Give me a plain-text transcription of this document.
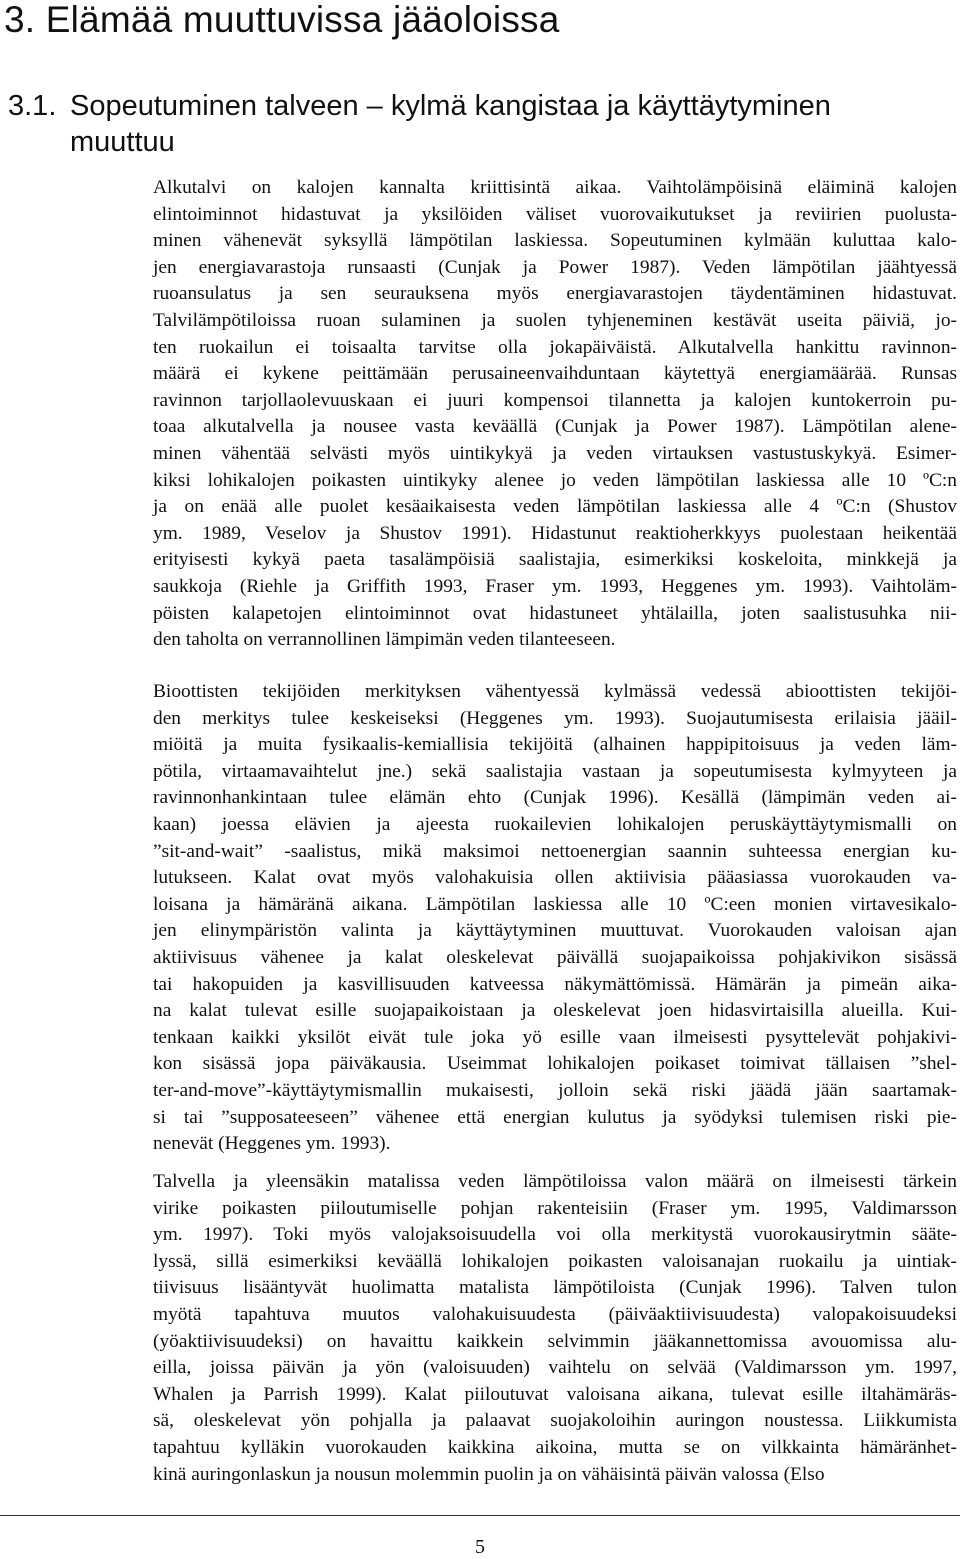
3. Elämää muuttuvissa jääoloissa
3.1. Sopeutuminen talveen – kylmä kangistaa ja käyttäytyminen
muuttuu
Alkutalvi on kalojen kannalta kriittisintä aikaa. Vaihtolämpöisinä eläiminä kalojen
elintoiminnot hidastuvat ja yksilöiden väliset vuorovaikutukset ja reviirien puolusta-
minen vähenevät syksyllä lämpötilan laskiessa. Sopeutuminen kylmään kuluttaa kalo-
jen energiavarastoja runsaasti (Cunjak ja Power 1987). Veden lämpötilan jäähtyessä
ruoansulatus ja sen seurauksena myös energiavarastojen täydentäminen hidastuvat.
Talvilämpötiloissa ruoan sulaminen ja suolen tyhjeneminen kestävät useita päiviä, jo-
ten ruokailun ei toisaalta tarvitse olla jokapäiväistä. Alkutalvella hankittu ravinnon-
määrä ei kykene peittämään perusaineenvaihduntaan käytettyä energiamäärää. Runsas
ravinnon tarjollaolevuuskaan ei juuri kompensoi tilannetta ja kalojen kuntokerroin pu-
toaa alkutalvella ja nousee vasta keväällä (Cunjak ja Power 1987). Lämpötilan alene-
minen vähentää selvästi myös uintikykyä ja veden virtauksen vastustuskykyä. Esimer-
kiksi lohikalojen poikasten uintikyky alenee jo veden lämpötilan laskiessa alle 10 ºC:n
ja on enää alle puolet kesäaikaisesta veden lämpötilan laskiessa alle 4 ºC:n (Shustov
ym. 1989, Veselov ja Shustov 1991). Hidastunut reaktioherkkyys puolestaan heikentää
erityisesti kykyä paeta tasalämpöisiä saalistajia, esimerkiksi koskeloita, minkkejä ja
saukkoja (Riehle ja Griffith 1993, Fraser ym. 1993, Heggenes ym. 1993). Vaihtoläm-
pöisten kalapetojen elintoiminnot ovat hidastuneet yhtälailla, joten saalistusuhka nii-
den taholta on verrannollinen lämpimän veden tilanteeseen.
Bioottisten tekijöiden merkityksen vähentyessä kylmässä vedessä abioottisten tekijöi-
den merkitys tulee keskeiseksi (Heggenes ym. 1993). Suojautumisesta erilaisia jääil-
miöitä ja muita fysikaalis-kemiallisia tekijöitä (alhainen happipitoisuus ja veden läm-
pötila, virtaamavaihtelut jne.) sekä saalistajia vastaan ja sopeutumisesta kylmyyteen ja
ravinnonhankintaan tulee elämän ehto (Cunjak 1996). Kesällä (lämpimän veden ai-
kaan) joessa elävien ja ajeesta ruokailevien lohikalojen peruskäyttäytymismalli on
”sit-and-wait” -saalistus, mikä maksimoi nettoenergian saannin suhteessa energian ku-
lutukseen. Kalat ovat myös valohakuisia ollen aktiivisia pääasiassa vuorokauden va-
loisana ja hämäränä aikana. Lämpötilan laskiessa alle 10 ºC:een monien virtavesikalo-
jen elinympäristön valinta ja käyttäytyminen muuttuvat. Vuorokauden valoisan ajan
aktiivisuus vähenee ja kalat oleskelevat päivällä suojapaikoissa pohjakivikon sisässä
tai hakopuiden ja kasvillisuuden katveessa näkymättömissä. Hämärän ja pimeän aika-
na kalat tulevat esille suojapaikoistaan ja oleskelevat joen hidasvirtaisilla alueilla. Kui-
tenkaan kaikki yksilöt eivät tule joka yö esille vaan ilmeisesti pysyttelevät pohjakivi-
kon sisässä jopa päiväkausia. Useimmat lohikalojen poikaset toimivat tällaisen ”shel-
ter-and-move”-käyttäytymismallin mukaisesti, jolloin sekä riski jäädä jään saartamak-
si tai ”supposateeseen” vähenee että energian kulutus ja syödyksi tulemisen riski pie-
nenevät (Heggenes ym. 1993).
Talvella ja yleensäkin matalissa veden lämpötiloissa valon määrä on ilmeisesti tärkein
virike poikasten piiloutumiselle pohjan rakenteisiin (Fraser ym. 1995, Valdimarsson
ym. 1997). Toki myös valojaksoisuudella voi olla merkitystä vuorokausirytmin sääte-
lyssä, sillä esimerkiksi keväällä lohikalojen poikasten valoisanajan ruokailu ja uintiak-
tiivisuus lisääntyvät huolimatta matalista lämpötiloista (Cunjak 1996). Talven tulon
myötä tapahtuva muutos valohakuisuudesta (päiväaktiivisuudesta) valopakoisuudeksi
(yöaktiivisuudeksi) on havaittu kaikkein selvimmin jääkannettomissa avouomissa alu-
eilla, joissa päivän ja yön (valoisuuden) vaihtelu on selvää (Valdimarsson ym. 1997,
Whalen ja Parrish 1999). Kalat piiloutuvat valoisana aikana, tulevat esille iltahämäräs-
sä, oleskelevat yön pohjalla ja palaavat suojakoloihin auringon noustessa. Liikkumista
tapahtuu kylläkin vuorokauden kaikkina aikoina, mutta se on vilkkainta hämäränhet-
kinä auringonlaskun ja nousun molemmin puolin ja on vähäisintä päivän valossa (Elso
5
